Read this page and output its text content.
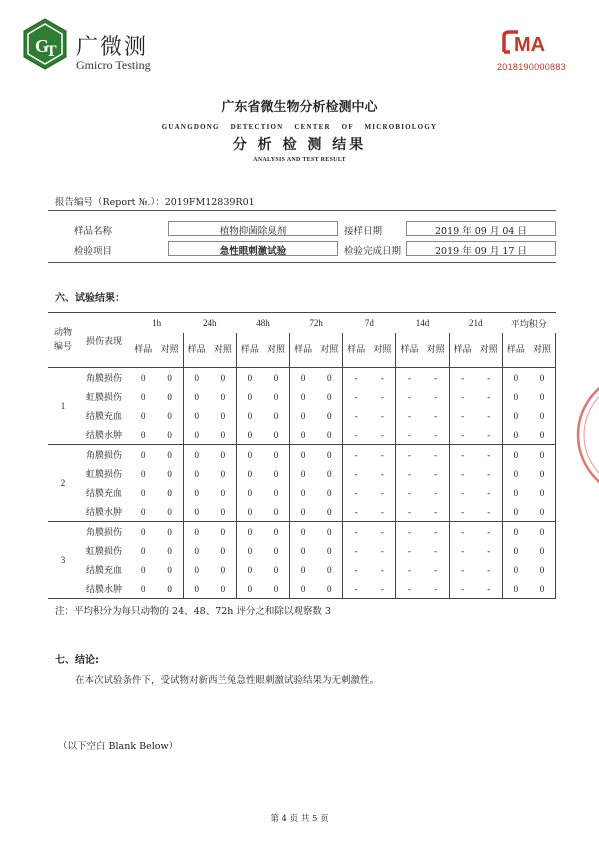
G
T 广微测
Gmicro Testing
MA
2018190000883
广东省微生物分析检测中心
GUANGDONG DETECTION CENTER OF MICROBIOLOGY
分 析 检 测 结果
ANALYSIS AND TEST RESULT
报告编号（Report №.）：2019FM12839R01
样品名称	植物抑菌除臭剂	接样日期	2019 年 09 月 04 日
检验项目	急性眼刺激试验	检验完成日期	2019 年 09 月 17 日
六、试验结果：
动物编号	损伤表现	1h		24h		48h		72h		7d		14d		21d		平均积分	
		样品	对照	样品	对照	样品	对照	样品	对照	样品	对照	样品	对照	样品	对照	样品	对照
1	角膜损伤	0	0	0	0	0	0	0	0	-	-	-	-	-	-	0	0
	虹膜损伤	0	0	0	0	0	0	0	0	-	-	-	-	-	-	0	0
	结膜充血	0	0	0	0	0	0	0	0	-	-	-	-	-	-	0	0
	结膜水肿	0	0	0	0	0	0	0	0	-	-	-	-	-	-	0	0
2	角膜损伤	0	0	0	0	0	0	0	0	-	-	-	-	-	-	0	0
	虹膜损伤	0	0	0	0	0	0	0	0	-	-	-	-	-	-	0	0
	结膜充血	0	0	0	0	0	0	0	0	-	-	-	-	-	-	0	0
	结膜水肿	0	0	0	0	0	0	0	0	-	-	-	-	-	-	0	0
3	角膜损伤	0	0	0	0	0	0	0	0	-	-	-	-	-	-	0	0
	虹膜损伤	0	0	0	0	0	0	0	0	-	-	-	-	-	-	0	0
	结膜充血	0	0	0	0	0	0	0	0	-	-	-	-	-	-	0	0
	结膜水肿	0	0	0	0	0	0	0	0	-	-	-	-	-	-	0	0
注：平均积分为每只动物的 24、48、72h 评分之和除以观察数 3
七、结论:
在本次试验条件下，受试物对新西兰兔急性眼刺激试验结果为无刺激性。
（以下空白 Blank Below）
第 4 页 共 5 页
